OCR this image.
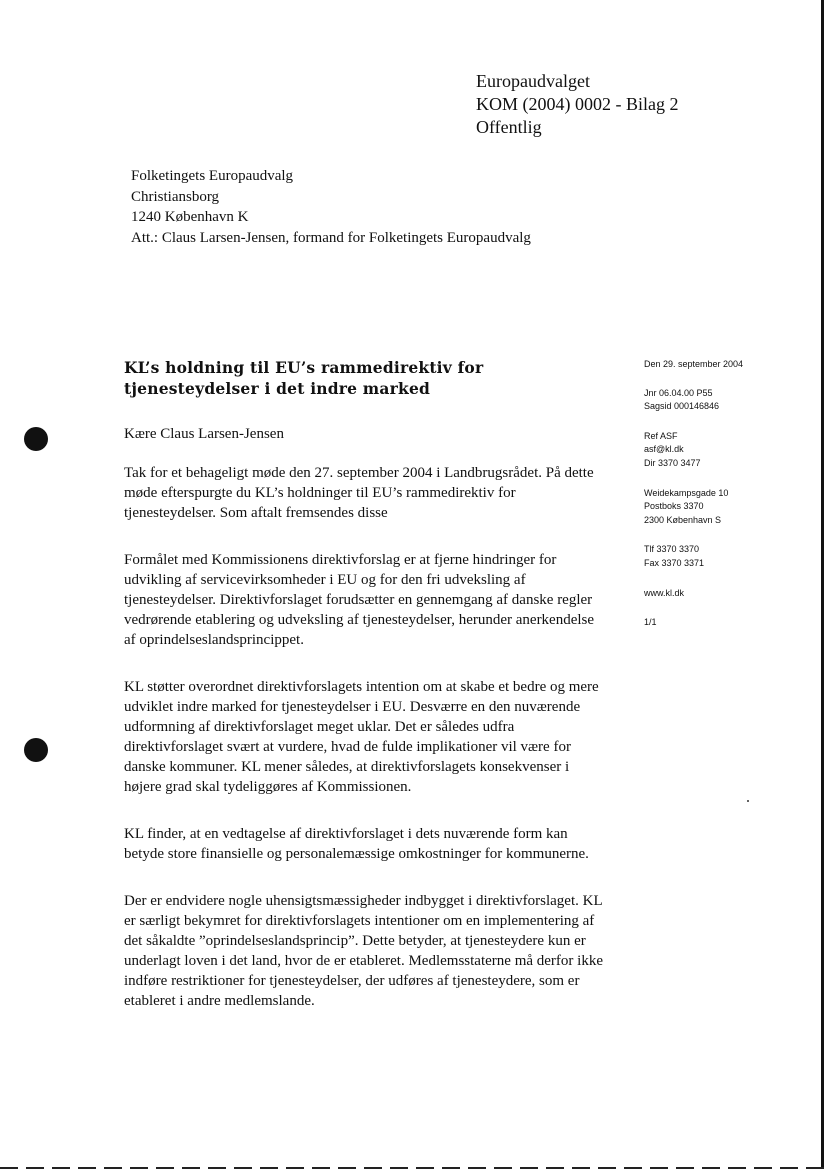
Europaudvalget
KOM (2004) 0002 - Bilag 2
Offentlig
Folketingets Europaudvalg
Christiansborg
1240 København K
Att.: Claus Larsen-Jensen, formand for Folketingets Europaudvalg
KL’s holdning til EU’s rammedirektiv for tjenesteydelser i det indre marked

Kære Claus Larsen-Jensen

Tak for et behageligt møde den 27. september 2004 i Landbrugsrådet. På dette møde efterspurgte du KL’s holdninger til EU’s rammedirektiv for tjenesteydelser. Som aftalt fremsendes disse

Formålet med Kommissionens direktivforslag er at fjerne hindringer for udvikling af servicevirksomheder i EU og for den fri udveksling af tjenesteydelser. Direktivforslaget forudsætter en gennemgang af danske regler vedrørende etablering og udveksling af tjenesteydelser, herunder anerkendelse af oprindelseslandsprincippet.

KL støtter overordnet direktivforslagets intention om at skabe et bedre og mere udviklet indre marked for tjenesteydelser i EU. Desværre en den nuværende udformning af direktivforslaget meget uklar. Det er således udfra direktivforslaget svært at vurdere, hvad de fulde implikationer vil være for danske kommuner. KL mener således, at direktivforslagets konsekvenser i højere grad skal tydeliggøres af Kommissionen.

KL finder, at en vedtagelse af direktivforslaget i dets nuværende form kan betyde store finansielle og personalemæssige omkostninger for kommunerne.

Der er endvidere nogle uhensigtsmæssigheder indbygget i direktivforslaget. KL er særligt bekymret for direktivforslagets intentioner om en implementering af det såkaldte ”oprindelseslandsprincip”. Dette betyder, at tjenesteydere kun er underlagt loven i det land, hvor de er etableret. Medlemsstaterne må derfor ikke indføre restriktioner for tjenesteydelser, der udføres af tjenesteydere, som er etableret i andre medlemslande.

Den 29. september 2004
Jnr 06.04.00 P55
Sagsid 000146846
Ref ASF
asf@kl.dk
Dir 3370 3477
Weidekampsgade 10
Postboks 3370
2300 København S
Tlf 3370 3370
Fax 3370 3371
www.kl.dk
1/1
